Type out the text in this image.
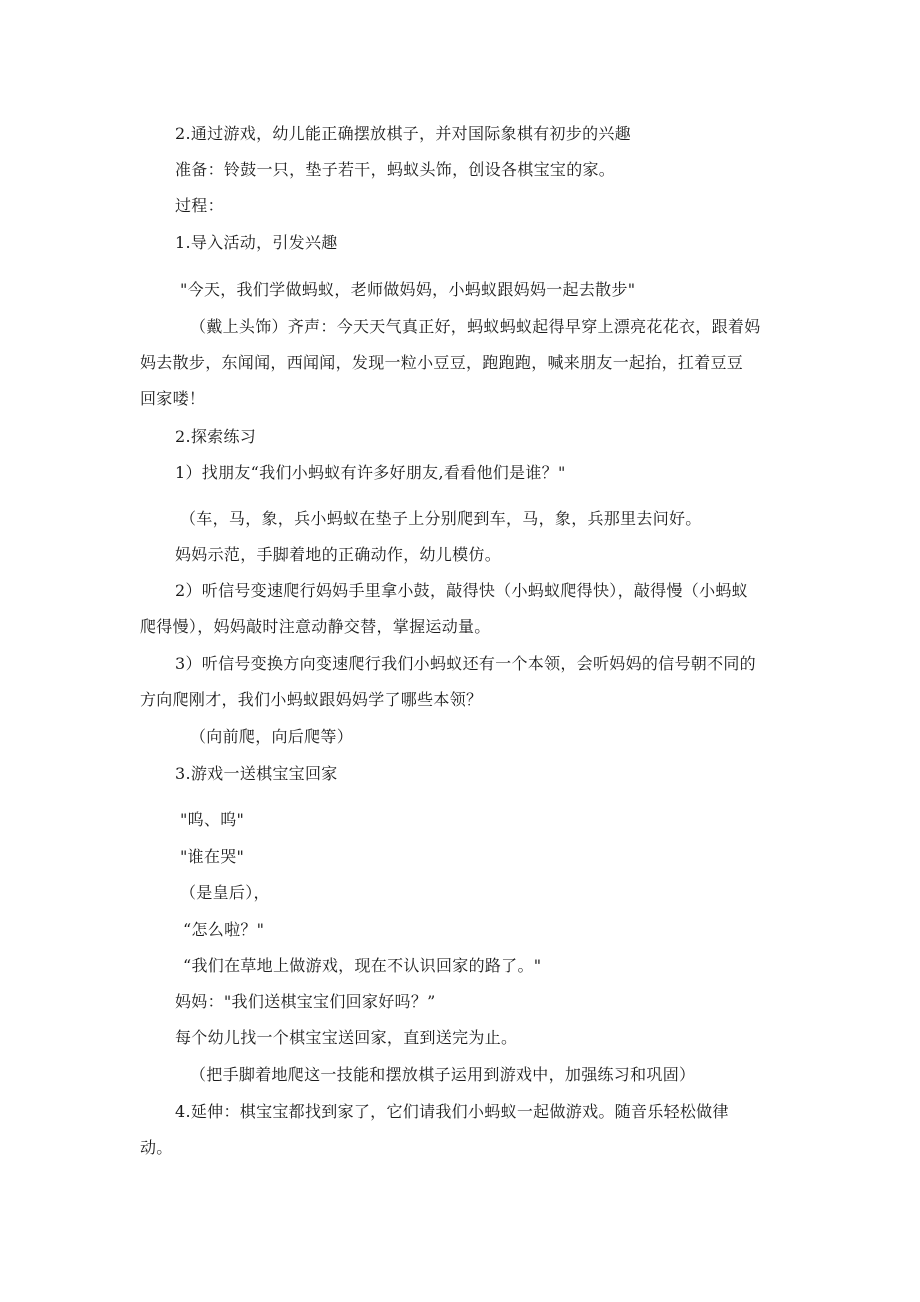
2.通过游戏，幼儿能正确摆放棋子，并对国际象棋有初步的兴趣
准备：铃鼓一只，垫子若干，蚂蚁头饰，创设各棋宝宝的家。
过程：
1.导入活动，引发兴趣
"今天，我们学做蚂蚁，老师做妈妈，小蚂蚁跟妈妈一起去散步"
（戴上头饰）齐声：今天天气真正好，蚂蚁蚂蚁起得早穿上漂亮花花衣，跟着妈
妈去散步，东闻闻，西闻闻，发现一粒小豆豆，跑跑跑，喊来朋友一起抬，扛着豆豆
回家喽！
2.探索练习
1）找朋友“我们小蚂蚁有许多好朋友,看看他们是谁？"
（车，马，象，兵小蚂蚁在垫子上分别爬到车，马，象，兵那里去问好。
妈妈示范，手脚着地的正确动作，幼儿模仿。
2）听信号变速爬行妈妈手里拿小鼓，敲得快（小蚂蚁爬得快），敲得慢（小蚂蚁
爬得慢），妈妈敲时注意动静交替，掌握运动量。
3）听信号变换方向变速爬行我们小蚂蚁还有一个本领，会听妈妈的信号朝不同的
方向爬刚才，我们小蚂蚁跟妈妈学了哪些本领？
（向前爬，向后爬等）
3.游戏一送棋宝宝回家
"呜、呜"
"谁在哭"
（是皇后），
“怎么啦？"
“我们在草地上做游戏，现在不认识回家的路了。"
妈妈："我们送棋宝宝们回家好吗？”
每个幼儿找一个棋宝宝送回家，直到送完为止。
（把手脚着地爬这一技能和摆放棋子运用到游戏中，加强练习和巩固）
4.延伸：棋宝宝都找到家了，它们请我们小蚂蚁一起做游戏。随音乐轻松做律
动。
